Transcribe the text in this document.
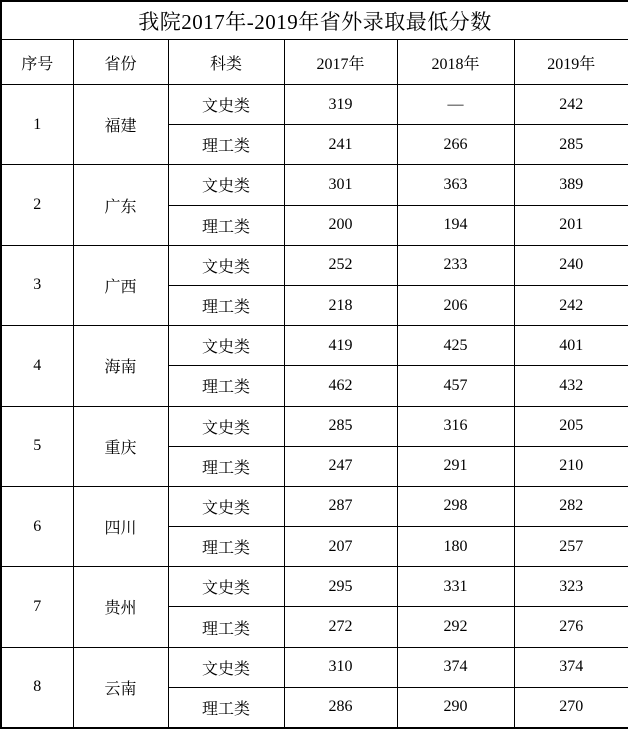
我院2017年-2019年省外录取最低分数					
序号	省份	科类	2017年	2018年	2019年
1	福建	文史类	319	—	242
		理工类	241	266	285
2	广东	文史类	301	363	389
		理工类	200	194	201
3	广西	文史类	252	233	240
		理工类	218	206	242
4	海南	文史类	419	425	401
		理工类	462	457	432
5	重庆	文史类	285	316	205
		理工类	247	291	210
6	四川	文史类	287	298	282
		理工类	207	180	257
7	贵州	文史类	295	331	323
		理工类	272	292	276
8	云南	文史类	310	374	374
		理工类	286	290	270
